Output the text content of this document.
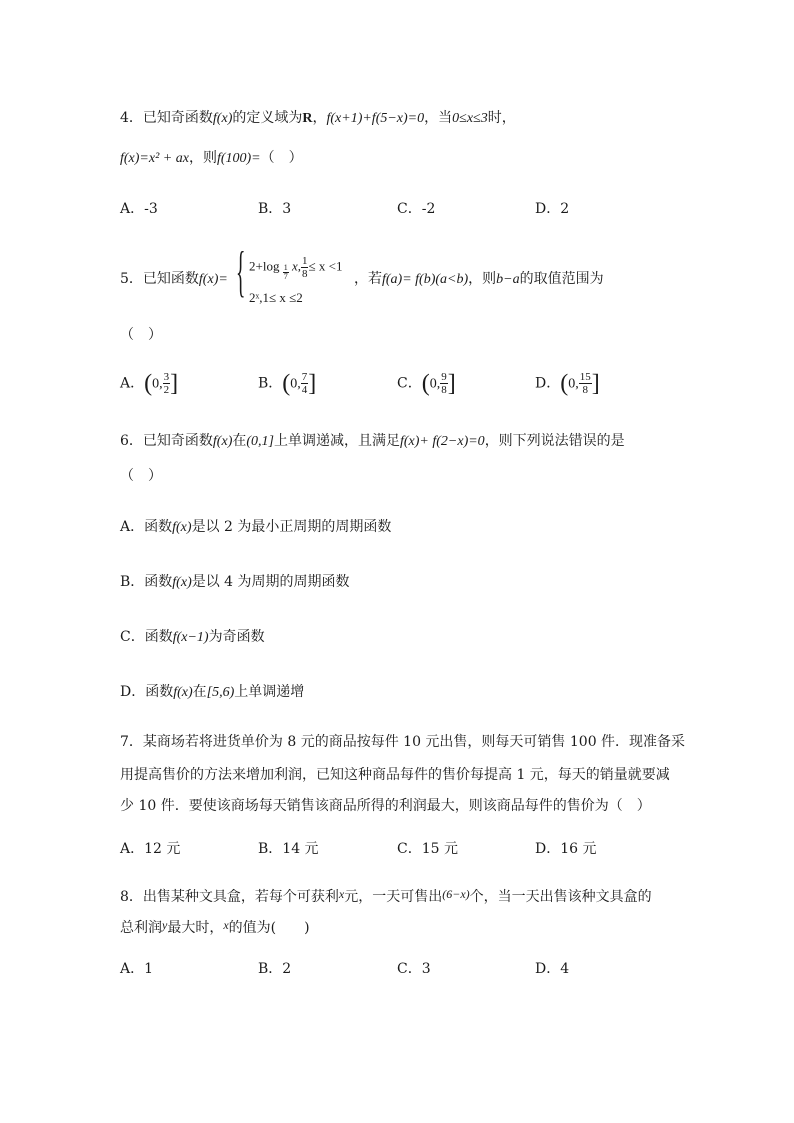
4．已知奇函数f(x)的定义域为R，f(x+1)+f(5−x)=0，当0≤x≤3时，
f(x)=x² + ax，则f(100)=（　）
A．-3	B．3	C．-2	D．2
5．已知函数f(x)= { $2+\log \frac{1}{7} x$, $\frac{1}{8} \le x <1$
2ˣ,1≤ x ≤2
，若f(a)= f(b)(a<b)，则b−a的取值范围为
（　）
A．(0, $\frac{3}{2}$ ]	B．(0, $\frac{7}{4}$ ]	C．(0, $\frac{9}{8}$ ]	D．(0, $\frac{15}{8}$ ]
6．已知奇函数f(x)在(0,1]上单调递减，且满足f(x)+ f(2−x)=0，则下列说法错误的是
（　）
A．函数f(x)是以 2 为最小正周期的周期函数
B．函数f(x)是以 4 为周期的周期函数
C．函数f(x−1)为奇函数
D．函数f(x)在[5,6)上单调递增
7．某商场若将进货单价为 8 元的商品按每件 10 元出售，则每天可销售 100 件．现准备采
用提高售价的方法来增加利润，已知这种商品每件的售价每提高 1 元，每天的销量就要减
少 10 件．要使该商场每天销售该商品所得的利润最大，则该商品每件的售价为（　）
A．12 元	B．14 元	C．15 元	D．16 元
8．出售某种文具盒，若每个可获利x元，一天可售出(6−x)个，当一天出售该种文具盒的
总利润y最大时，x的值为(　　)
A．1	B．2	C．3	D．4
